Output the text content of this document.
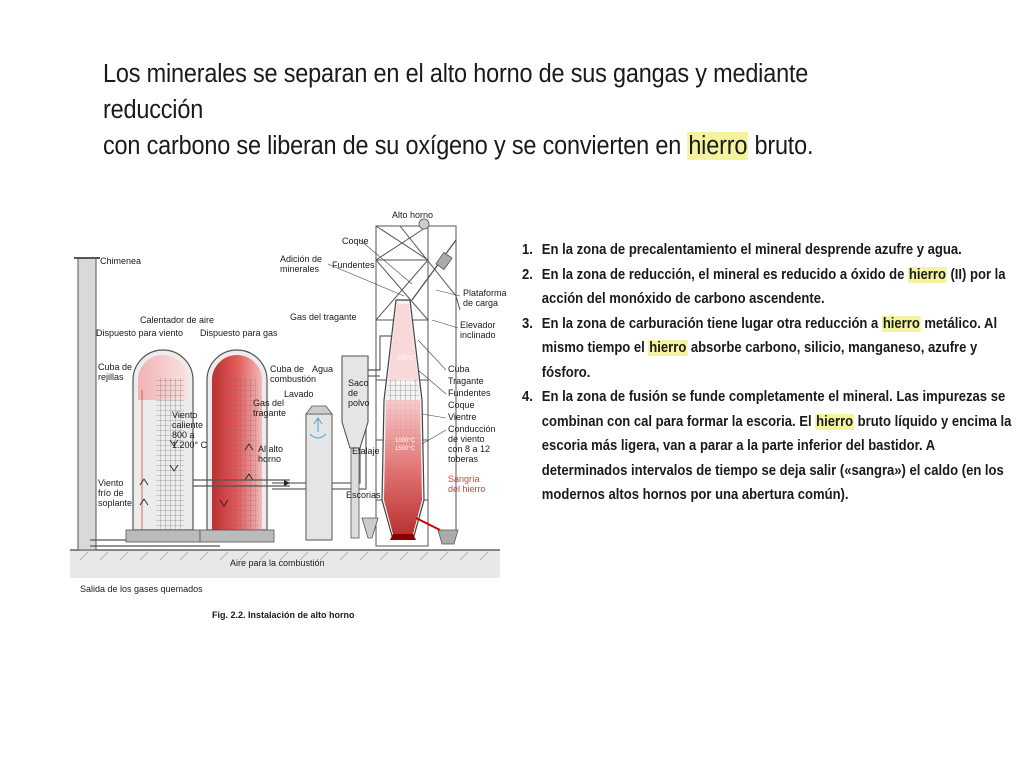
Los minerales se separan en el alto horno de sus gangas y mediante reducción
con carbono se liberan de su oxígeno y se convierten en hierro bruto.
200°C
600°C
1000°C
1500°C
Chimenea
Calentador de aire
Dispuesto para viento Dispuesto para gas
Cuba de
rejillas
Viento
caliente
800 a
1.200° C
Viento
frío de
soplante
Cuba de
combustión
Gas del
tragante
Al alto
horno
Agua
Lavado
Gas del tragante
Saco
de
polvo
Etalaje
Escorias
Aire para la combustión
Salida de los gases quemados
Alto horno
Coque
Adición de
minerales Fundentes
Plataforma
de carga
Elevador
inclinado
Cuba
Tragante
Fundentes
Coque
Vientre
Conducción
de viento
con 8 a 12
toberas
Sangría
del hierro
Fig. 2.2. Instalación de alto horno
1. En la zona de precalentamiento el mineral desprende azufre y agua.
2. En la zona de reducción, el mineral es reducido a óxido de hierro (II) por la acción del monóxido de carbono ascendente.
3. En la zona de carburación tiene lugar otra reducción a hierro metálico. Al mismo tiempo el hierro absorbe carbono, silicio, manganeso, azufre y fósforo.
4. En la zona de fusión se funde completamente el mineral. Las impurezas se combinan con cal para formar la escoria. El hierro bruto líquido y encima la escoria más ligera, van a parar a la parte inferior del bastidor. A determinados intervalos de tiempo se deja salir («sangra») el caldo (en los modernos altos hornos por una abertura común).
